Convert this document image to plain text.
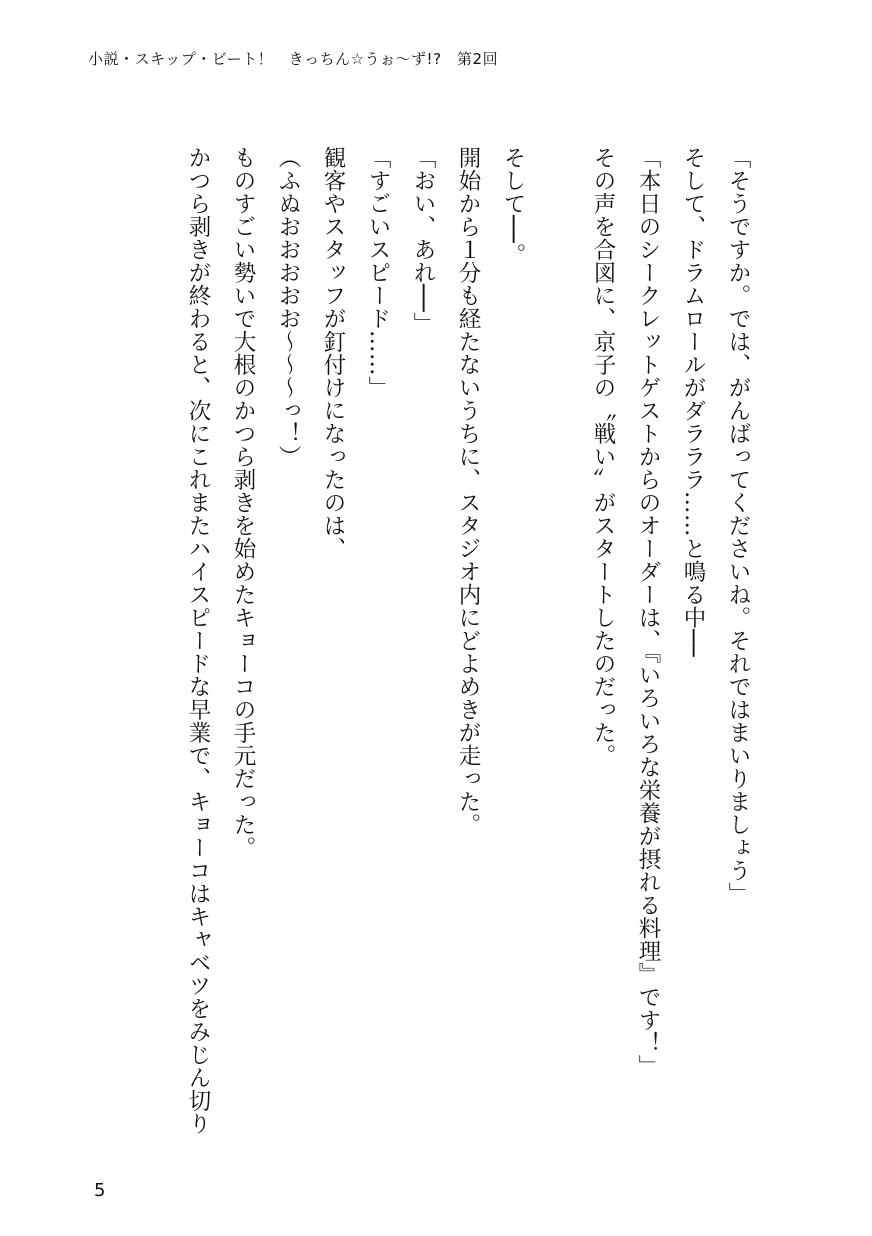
小説・スキップ・ビート！　きっちん☆うぉ〜ず!?　第2回

「そうですか。では、がんばってくださいね。それではまいりましょう」

そして、ドラムロールがダラララ……と鳴る中──

「本日のシークレットゲストからのオーダーは、『いろいろな栄養が摂れる料理』です！」

その声を合図に、京子の〝戦い〟がスタートしたのだった。

そして──。

開始から１分も経たないうちに、スタジオ内にどよめきが走った。

「おい、あれ──」

「すごいスピード……」

観客やスタッフが釘付けになったのは、

（ふぬおおおおお〜〜〜っ！）

ものすごい勢いで大根のかつら剥きを始めたキョーコの手元だった。

かつら剥きが終わると、次にこれまたハイスピードな早業で、キョーコはキャベツをみじん切り

5
